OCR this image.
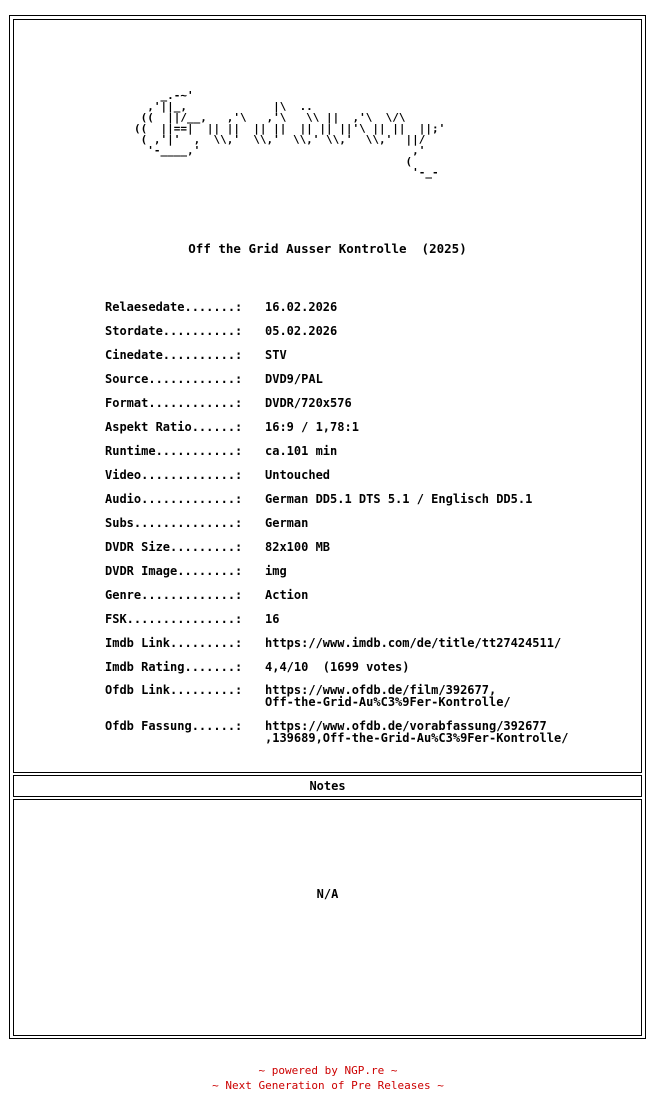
_.-~'
,'||_,             |\  ..
((  ||/__,   ,'\   ,'\   \\ ||  ,'\  \/\
((  ||==|  || ||  || ||  || || ||'\ || ||  ||;'
( ,'|'  ,  \\,'  \\,'  \\,' \\,'  \\,'  ||/
'-____,'                                ,'
(
'-_-
Off the Grid Ausser Kontrolle  (2025)
Relaesedate.......:	16.02.2026
Stordate..........:	05.02.2026
Cinedate..........:	STV
Source............:	DVD9/PAL
Format............:	DVDR/720x576
Aspekt Ratio......:	16:9 / 1,78:1
Runtime...........:	ca.101 min
Video.............:	Untouched
Audio.............:	German DD5.1 DTS 5.1 / Englisch DD5.1
Subs..............:	German
DVDR Size.........:	82x100 MB
DVDR Image........:	img
Genre.............:	Action
FSK...............:	16
Imdb Link.........:	https://www.imdb.com/de/title/tt27424511/
Imdb Rating.......:	4,4/10  (1699 votes)
Ofdb Link.........:	https://www.ofdb.de/film/392677,
Off-the-Grid-Au%C3%9Fer-Kontrolle/
Ofdb Fassung......:	https://www.ofdb.de/vorabfassung/392677
,139689,Off-the-Grid-Au%C3%9Fer-Kontrolle/
Notes
N/A
~ powered by NGP.re ~
~ Next Generation of Pre Releases ~
